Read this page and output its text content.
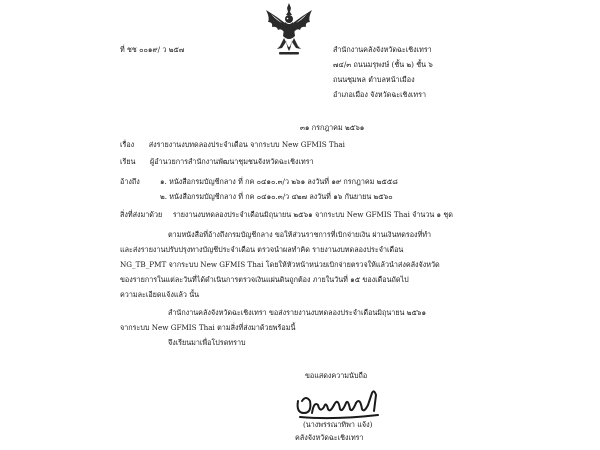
ที่ ชช ๐๐๑๙/ ว ๒๕๗	สำนักงานคลังจังหวัดฉะเชิงเทรา
๗๔/๓ ถนนมรุพงษ์ (ชั้น ๒) ชั้น ๖
ถนนชุมพล ตำบลหน้าเมือง
อำเภอเมือง จังหวัดฉะเชิงเทรา
๓๑ กรกฎาคม ๒๕๖๑
เรื่อง ส่งรายงานงบทดลองประจำเดือน จากระบบ New GFMIS Thai
เรียน ผู้อำนวยการสำนักงานพัฒนาชุมชนจังหวัดฉะเชิงเทรา
อ้างถึง	๑. หนังสือกรมบัญชีกลาง ที่ กค ๐๔๑๐.๓/ว ๒๖๑ ลงวันที่ ๑๙ กรกฎาคม ๒๕๕๘
๒. หนังสือกรมบัญชีกลาง ที่ กค ๐๔๑๐.๓/ว ๔๒๗ ลงวันที่ ๑๖ กันยายน ๒๕๖๐
สิ่งที่ส่งมาด้วย รายงานงบทดลองประจำเดือนมิถุนายน ๒๕๖๑ จากระบบ New GFMIS Thai จำนวน ๑ ชุด
ตามหนังสือที่อ้างถึงกรมบัญชีกลาง ขอให้ส่วนราชการที่เบิกจ่ายเงิน ผ่านเงินทดรองที่ทำ
และส่งรายงานปรับปรุงทางบัญชีประจำเดือน ตรวจนำผลทำคิด รายงานงบทดลองประจำเดือน
NG_TB_PMT จากระบบ New GFMIS Thai โดยให้หัวหน้าหน่วยเบิกจ่ายตรวจให้แล้วนำส่งคลังจังหวัด
ของรายการในแต่ละวันที่ได้ดำเนินการตรวจเงินแผ่นดินถูกต้อง ภายในวันที่ ๑๕ ของเดือนถัดไป
ความละเอียดแจ้งแล้ว นั้น
สำนักงานคลังจังหวัดฉะเชิงเทรา ขอส่งรายงานงบทดลองประจำเดือนมิถุนายน ๒๕๖๑
จากระบบ New GFMIS Thai ตามสิ่งที่ส่งมาด้วยพร้อมนี้
จึงเรียนมาเพื่อโปรดทราบ
ขอแสดงความนับถือ
(นางพรรณาทิพา แจ้ง)
คลังจังหวัดฉะเชิงเทรา
